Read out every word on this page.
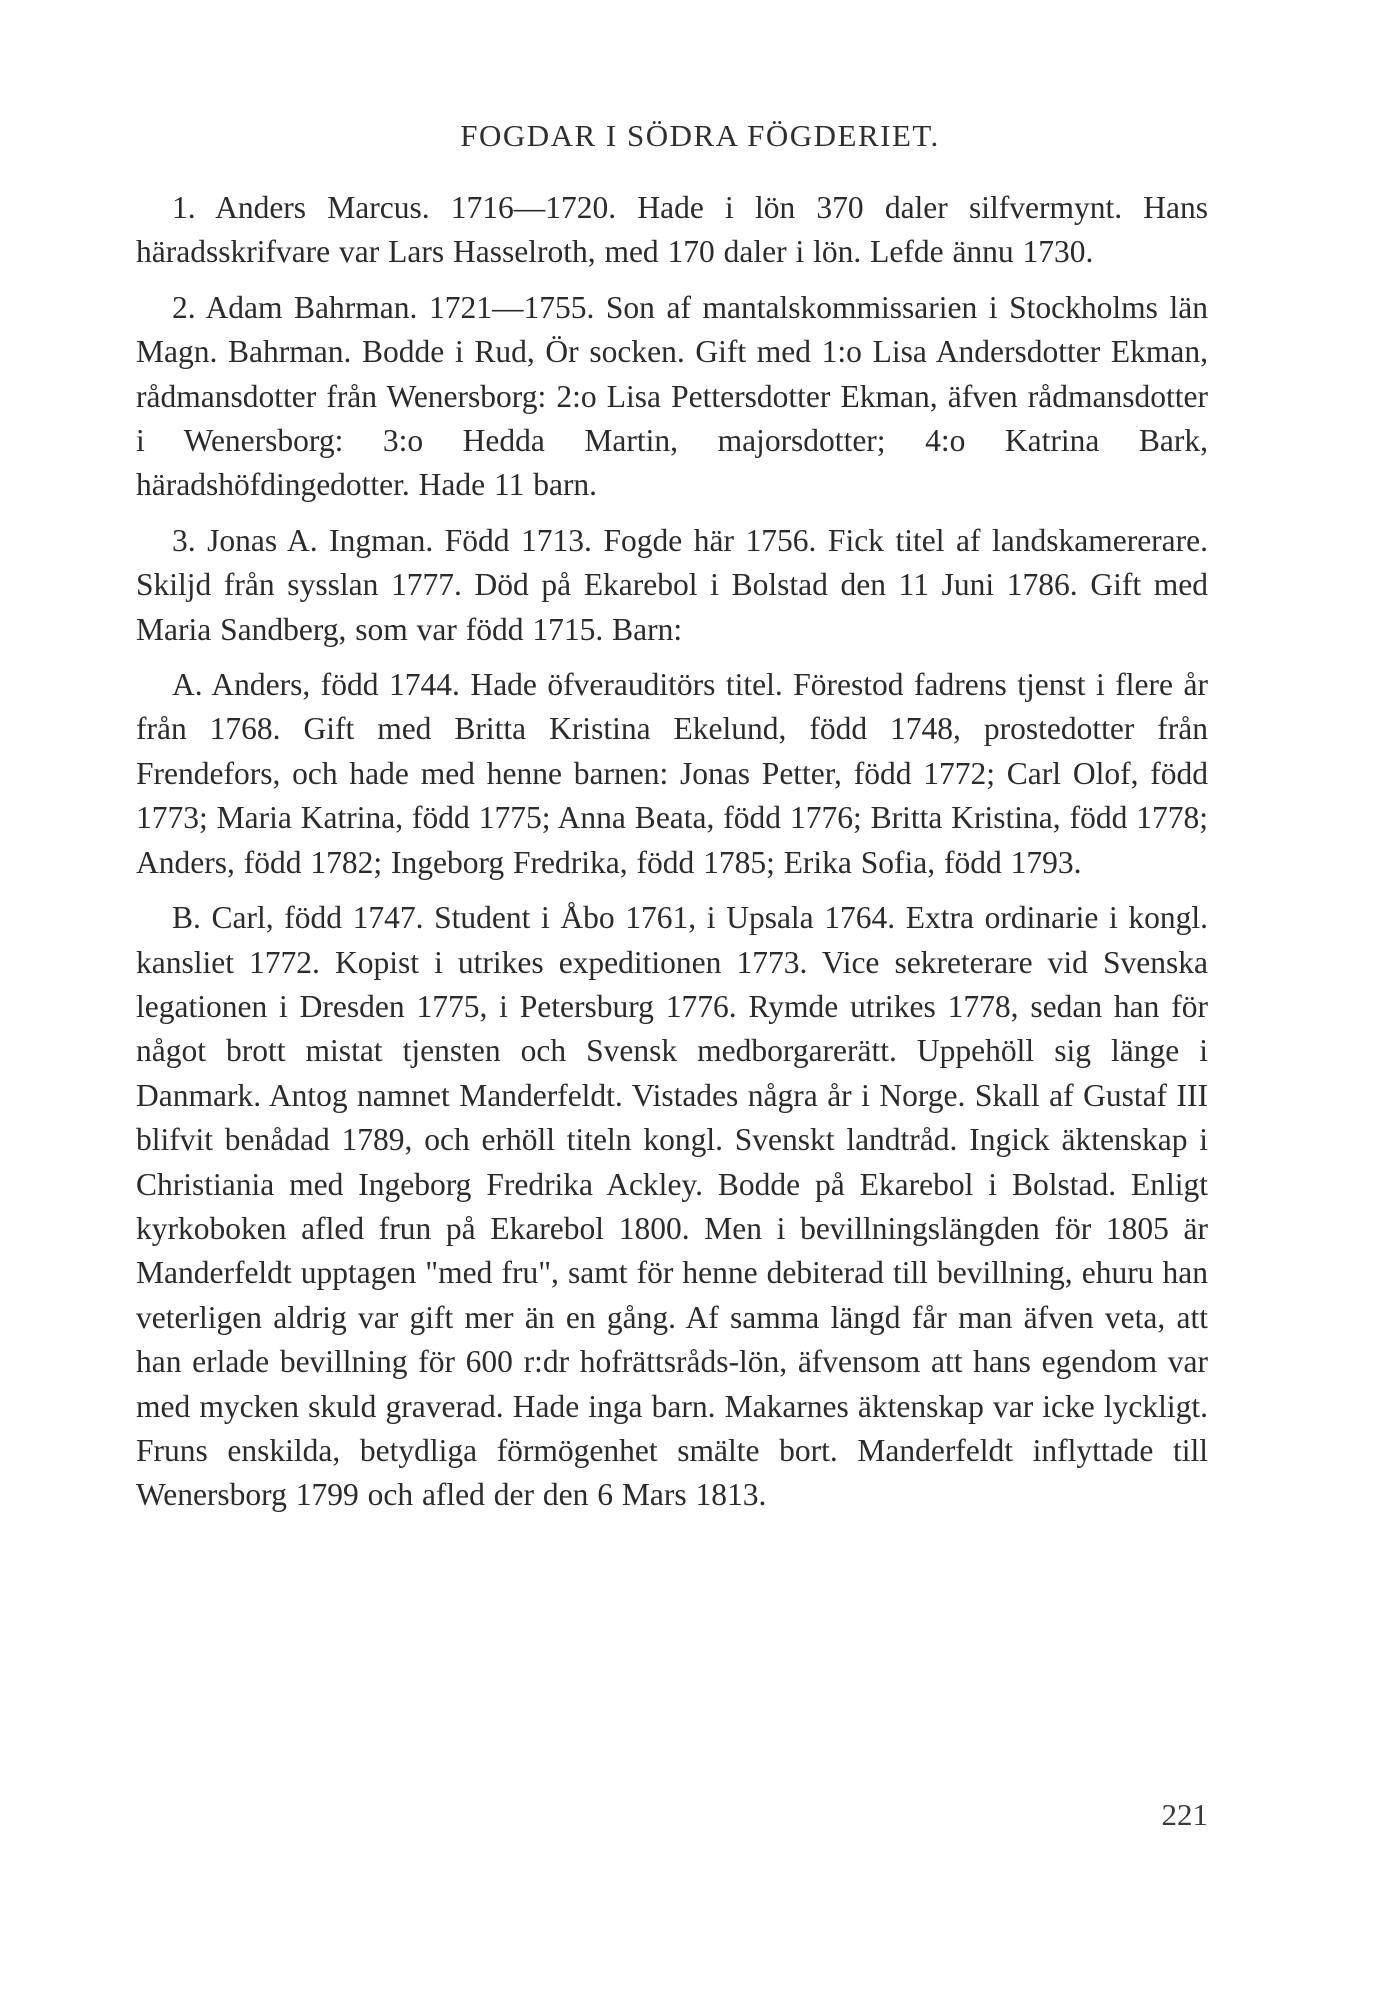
FOGDAR I SÖDRA FÖGDERIET.

1. Anders Marcus. 1716—1720. Hade i lön 370 daler silfvermynt. Hans häradsskrifvare var Lars Hasselroth, med 170 daler i lön. Lefde ännu 1730.

2. Adam Bahrman. 1721—1755. Son af mantalskommissarien i Stockholms län Magn. Bahrman. Bodde i Rud, Ör socken. Gift med 1:o Lisa Andersdotter Ekman, rådmansdotter från Wenersborg: 2:o Lisa Pettersdotter Ekman, äfven rådmansdotter i Wenersborg: 3:o Hedda Martin, majorsdotter; 4:o Katrina Bark, häradshöfdingedotter. Hade 11 barn.

3. Jonas A. Ingman. Född 1713. Fogde här 1756. Fick titel af landskamererare. Skiljd från sysslan 1777. Död på Ekarebol i Bolstad den 11 Juni 1786. Gift med Maria Sandberg, som var född 1715. Barn:

A. Anders, född 1744. Hade öfverauditörs titel. Förestod fadrens tjenst i flere år från 1768. Gift med Britta Kristina Ekelund, född 1748, prostedotter från Frendefors, och hade med henne barnen: Jonas Petter, född 1772; Carl Olof, född 1773; Maria Katrina, född 1775; Anna Beata, född 1776; Britta Kristina, född 1778; Anders, född 1782; Ingeborg Fredrika, född 1785; Erika Sofia, född 1793.

B. Carl, född 1747. Student i Åbo 1761, i Upsala 1764. Extra ordinarie i kongl. kansliet 1772. Kopist i utrikes expeditionen 1773. Vice sekreterare vid Svenska legationen i Dresden 1775, i Petersburg 1776. Rymde utrikes 1778, sedan han för något brott mistat tjensten och Svensk medborgarerätt. Uppehöll sig länge i Danmark. Antog namnet Manderfeldt. Vistades några år i Norge. Skall af Gustaf III blifvit benådad 1789, och erhöll titeln kongl. Svenskt landtråd. Ingick äktenskap i Christiania med Ingeborg Fredrika Ackley. Bodde på Ekarebol i Bolstad. Enligt kyrkoboken afled frun på Ekarebol 1800. Men i bevillningslängden för 1805 är Manderfeldt upptagen "med fru", samt för henne debiterad till bevillning, ehuru han veterligen aldrig var gift mer än en gång. Af samma längd får man äfven veta, att han erlade bevillning för 600 r:dr hofrättsråds-lön, äfvensom att hans egendom var med mycken skuld graverad. Hade inga barn. Makarnes äktenskap var icke lyckligt. Fruns enskilda, betydliga förmögenhet smälte bort. Manderfeldt inflyttade till Wenersborg 1799 och afled der den 6 Mars 1813.

221
